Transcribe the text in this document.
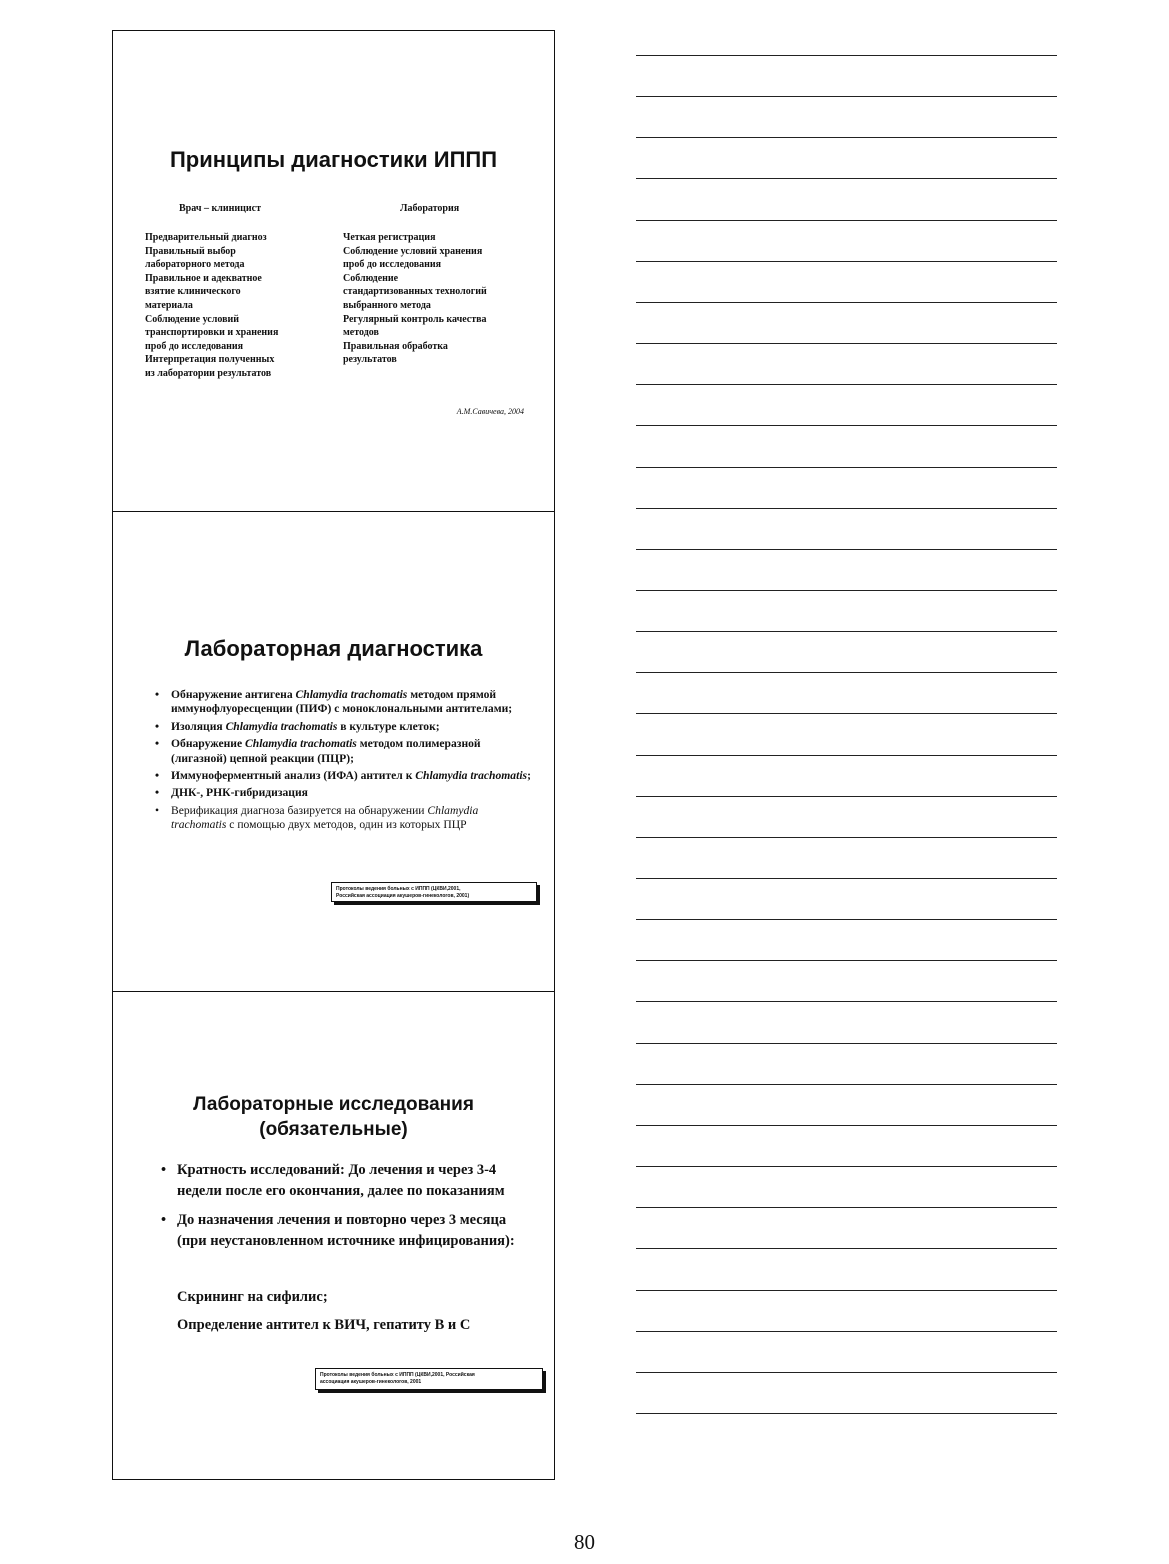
Принципы диагностики ИППП
Врач – клиницист	Лаборатория
Предварительный диагноз
Правильный выбор
лабораторного метода
Правильное и адекватное
взятие клинического
материала
Соблюдение условий
транспортировки и хранения
проб до исследования
Интерпретация полученных
из лаборатории результатов
Четкая регистрация
Соблюдение условий хранения
проб до исследования
Соблюдение
стандартизованных технологий
выбранного метода
Регулярный контроль качества
методов
Правильная обработка
результатов
А.М.Савичева, 2004
Лабораторная диагностика
• Обнаружение антигена Chlamydia trachomatis методом прямой иммунофлуоресценции (ПИФ) с моноклональными антителами;
• Изоляция Chlamydia trachomatis в культуре клеток;
• Обнаружение Chlamydia trachomatis методом полимеразной (лигазной) цепной реакции (ПЦР);
• Иммуноферментный анализ (ИФА) антител к Chlamydia trachomatis;
• ДНК-, РНК-гибридизация
• Верификация диагноза базируется на обнаружении Chlamydia trachomatis с помощью двух методов, один из которых ПЦР
Протоколы ведения больных с ИППП (ЦКВИ,2001,
Российская ассоциация акушеров-гинекологов, 2001)
Лабораторные исследования
(обязательные)
• Кратность исследований: До лечения и через 3-4 недели после его окончания, далее по показаниям
• До назначения лечения и повторно через 3 месяца (при неустановленном источнике инфицирования):
Скрининг на сифилис;
Определение антител к ВИЧ, гепатиту В и С
Протоколы ведения больных с ИППП (ЦКВИ,2001, Российская
ассоциация акушеров-гинекологов, 2001
80
